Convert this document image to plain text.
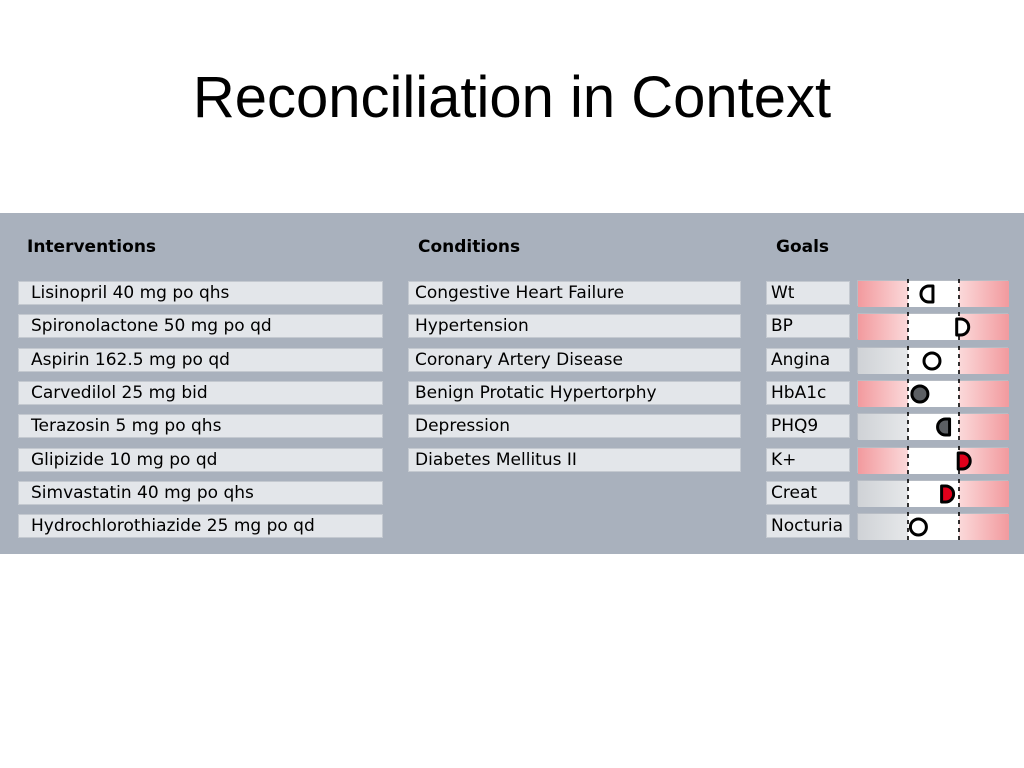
Reconciliation in Context
Interventions	Conditions	Goals
Lisinopril 40 mg po qhs
Spironolactone 50 mg po qd
Aspirin 162.5 mg po qd
Carvedilol 25 mg bid
Terazosin 5 mg po qhs
Glipizide 10 mg po qd
Simvastatin 40 mg po qhs
Hydrochlorothiazide 25 mg po qd
Congestive Heart Failure
Hypertension
Coronary Artery Disease
Benign Protatic Hypertorphy
Depression
Diabetes Mellitus II
Wt
BP
Angina
HbA1c
PHQ9
K+
Creat
Nocturia
